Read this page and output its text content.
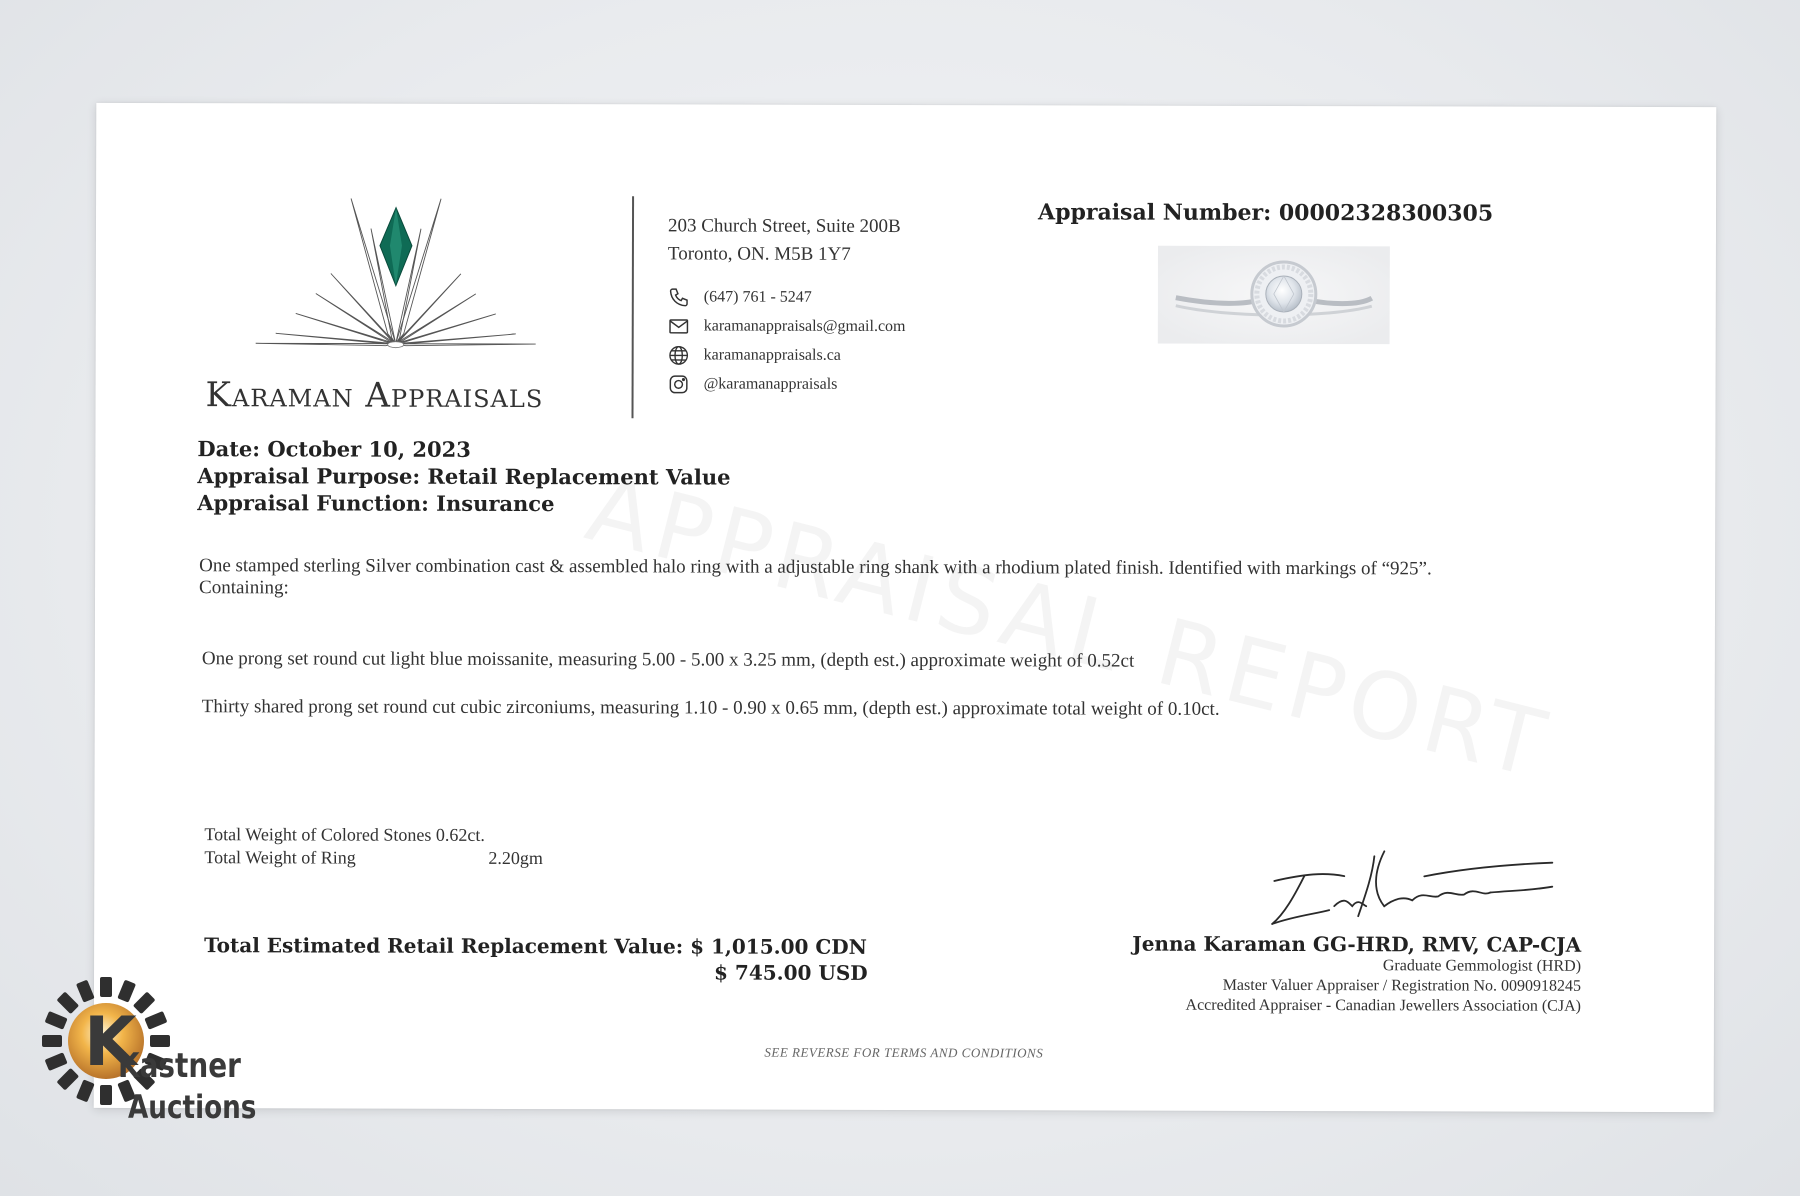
Karaman Appraisals
203 Church Street, Suite 200B
Toronto, ON. M5B 1Y7
(647) 761 - 5247
karamanappraisals@gmail.com
karamanappraisals.ca
@karamanappraisals
Appraisal Number: 00002328300305
Date: October 10, 2023
Appraisal Purpose: Retail Replacement Value
Appraisal Function: Insurance

One stamped sterling Silver combination cast & assembled halo ring with a adjustable ring shank with a rhodium plated finish. Identified with markings of “925”.

Containing:

One prong set round cut light blue moissanite, measuring 5.00 - 5.00 x 3.25 mm, (depth est.) approximate weight of 0.52ct
Thirty shared prong set round cut cubic zirconiums, measuring 1.10 - 0.90 x 0.65 mm, (depth est.) approximate total weight of 0.10ct.
Total Weight of Colored Stones
0.62ct.
Total Weight of Ring	2.20gm
Total Estimated Retail Replacement Value: $ 1,015.00 CDN
$ 745.00 USD
Jenna Karaman GG-HRD, RMV, CAP-CJA
Graduate Gemmologist (HRD)
Master Valuer Appraiser / Registration No. 0090918245
Accredited Appraiser - Canadian Jewellers Association (CJA)
SEE REVERSE FOR TERMS AND CONDITIONS
K
Kastner
Auctions
